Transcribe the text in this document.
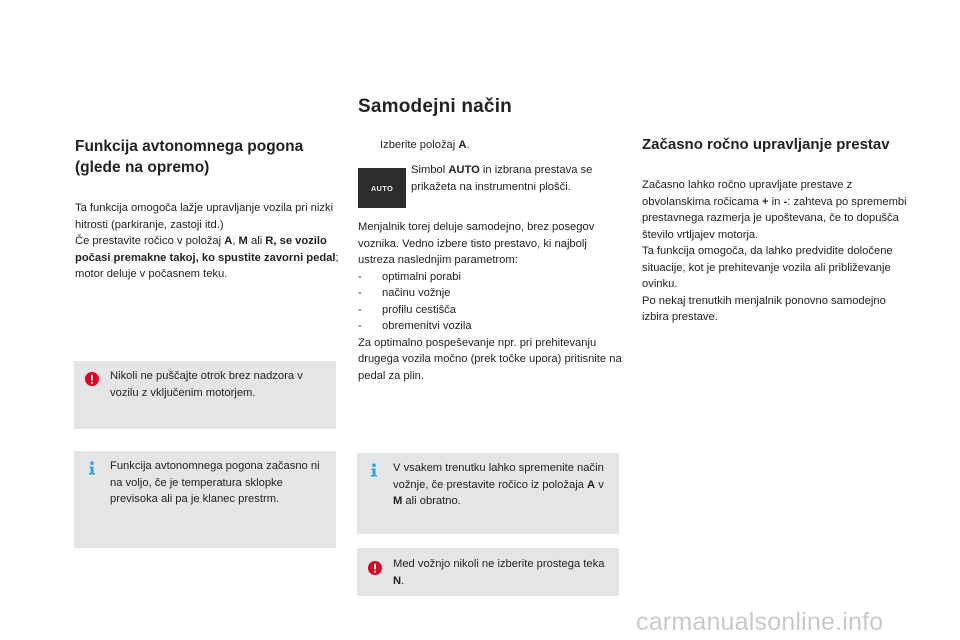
Samodejni način
Funkcija avtonomnega pogona (glede na opremo)
Ta funkcija omogoča lažje upravljanje vozila pri nizki hitrosti (parkiranje, zastoji itd.)
Če prestavite ročico v položaj A, M ali R, se vozilo počasi premakne takoj, ko spustite zavorni pedal; motor deluje v počasnem teku.
Nikoli ne puščajte otrok brez nadzora v vozilu z vključenim motorjem.
Funkcija avtonomnega pogona začasno ni na voljo, če je temperatura sklopke previsoka ali pa je klanec prestrm.
Izberite položaj A.
AUTO
Simbol AUTO in izbrana prestava se prikažeta na instrumentni plošči.
Menjalnik torej deluje samodejno, brez posegov voznika. Vedno izbere tisto prestavo, ki najbolj ustreza naslednjim parametrom:
-	optimalni porabi
-	načinu vožnje
-	profilu cestišča
-	obremenitvi vozila
Za optimalno pospeševanje npr. pri prehitevanju drugega vozila močno (prek točke upora) pritisnite na pedal za plin.
V vsakem trenutku lahko spremenite način vožnje, če prestavite ročico iz položaja A v M ali obratno.
Med vožnjo nikoli ne izberite prostega teka N.
Začasno ročno upravljanje prestav
Začasno lahko ročno upravljate prestave z obvolanskima ročicama + in -: zahteva po spremembi prestavnega razmerja je upoštevana, če to dopušča število vrtljajev motorja.
Ta funkcija omogoča, da lahko predvidite določene situacije, kot je prehitevanje vozila ali približevanje ovinku.
Po nekaj trenutkih menjalnik ponovno samodejno izbira prestave.
carmanualsonline.info
